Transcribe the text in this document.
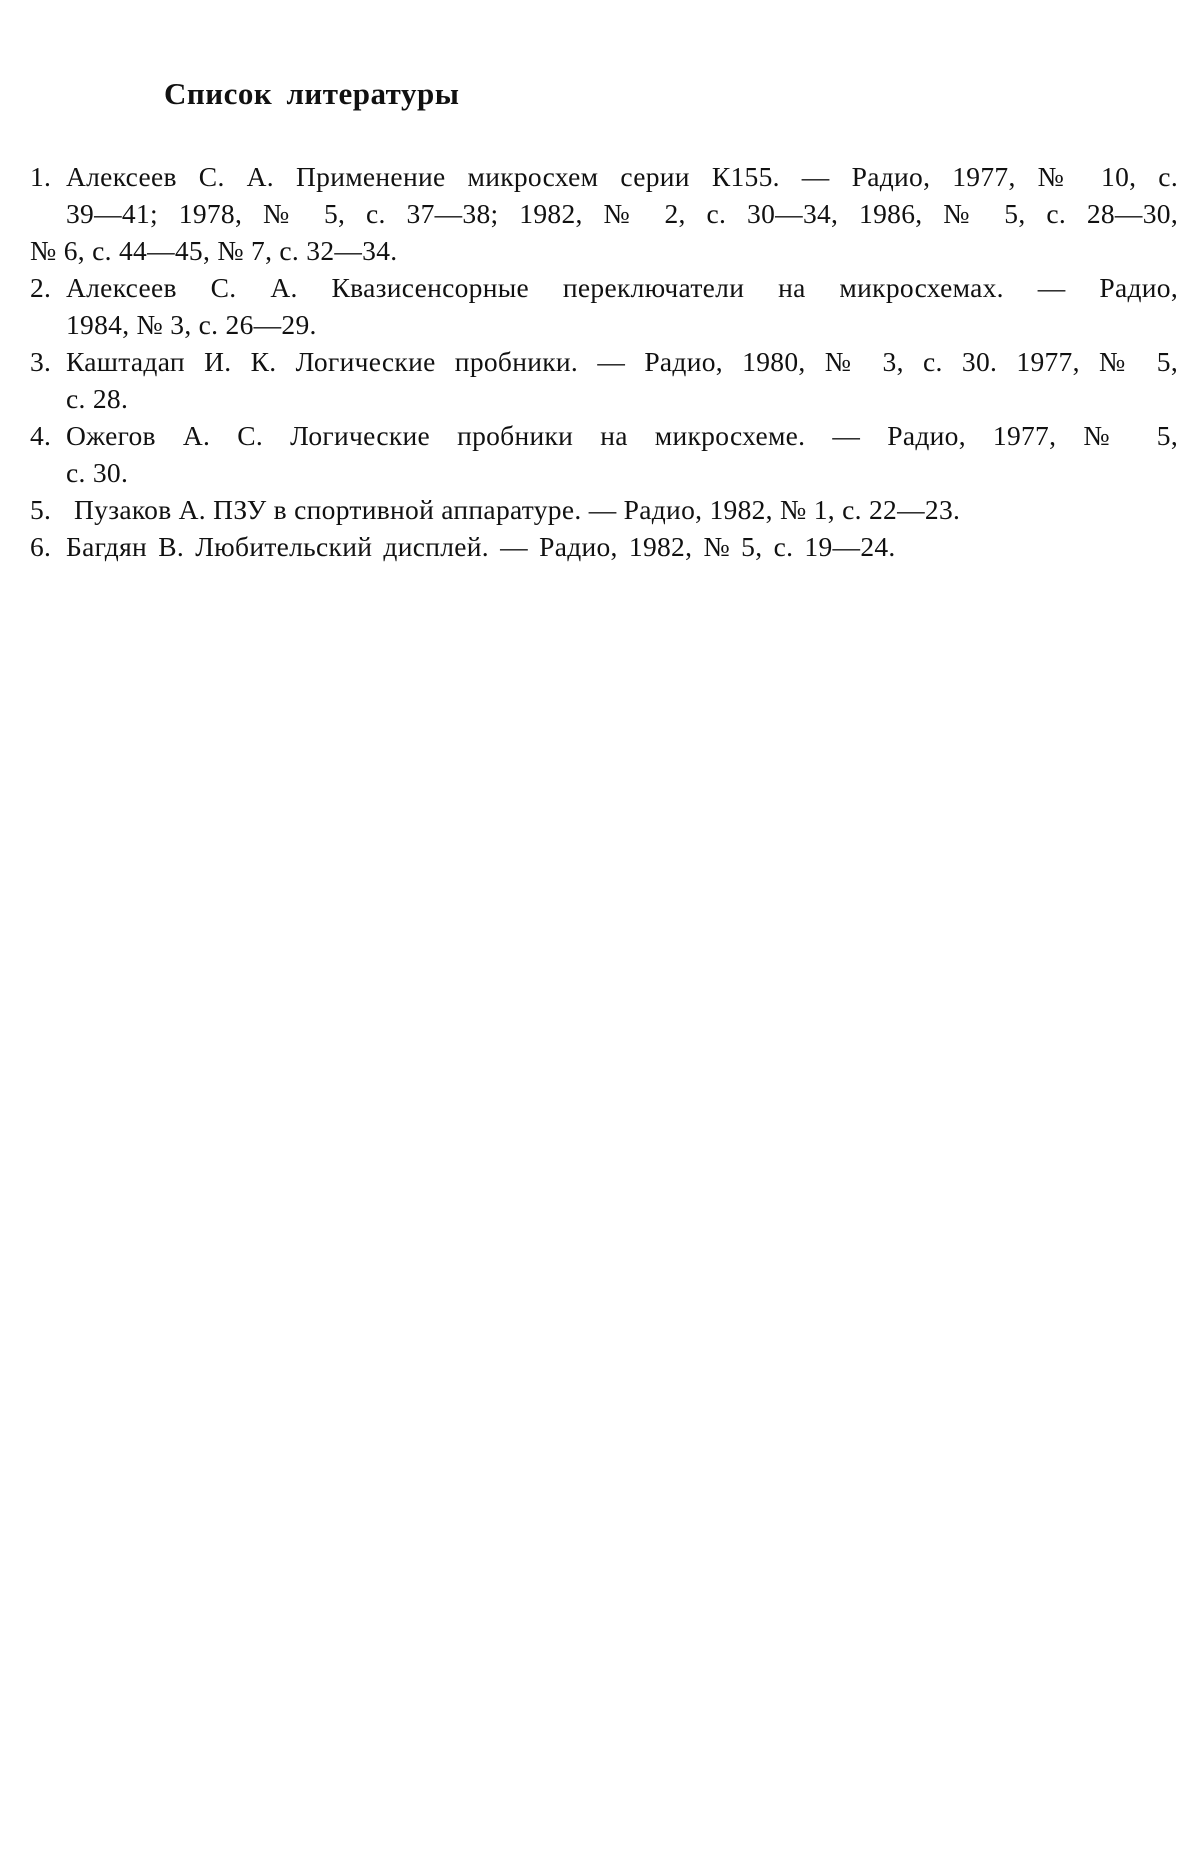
Список литературы
1. Алексеев С. А. Применение микросхем серии К155. — Радио, 1977, № 10, с.
39—41; 1978, № 5, с. 37—38; 1982, № 2, с. 30—34, 1986, № 5, с. 28—30,
№ 6, с. 44—45, № 7, с. 32—34.
2. Алексеев С. А. Квазисенсорные переключатели на микросхемах. — Радио,
1984, № 3, с. 26—29.
3. Каштадап И. К. Логические пробники. — Радио, 1980, № 3, с. 30. 1977, № 5,
с. 28.
4. Ожегов А. С. Логические пробники на микросхеме. — Радио, 1977, № 5,
с. 30.
5. Пузаков А. ПЗУ в спортивной аппаратуре. — Радио, 1982, № 1, с. 22—23.
6. Багдян В. Любительский дисплей. — Радио, 1982, № 5, с. 19—24.
